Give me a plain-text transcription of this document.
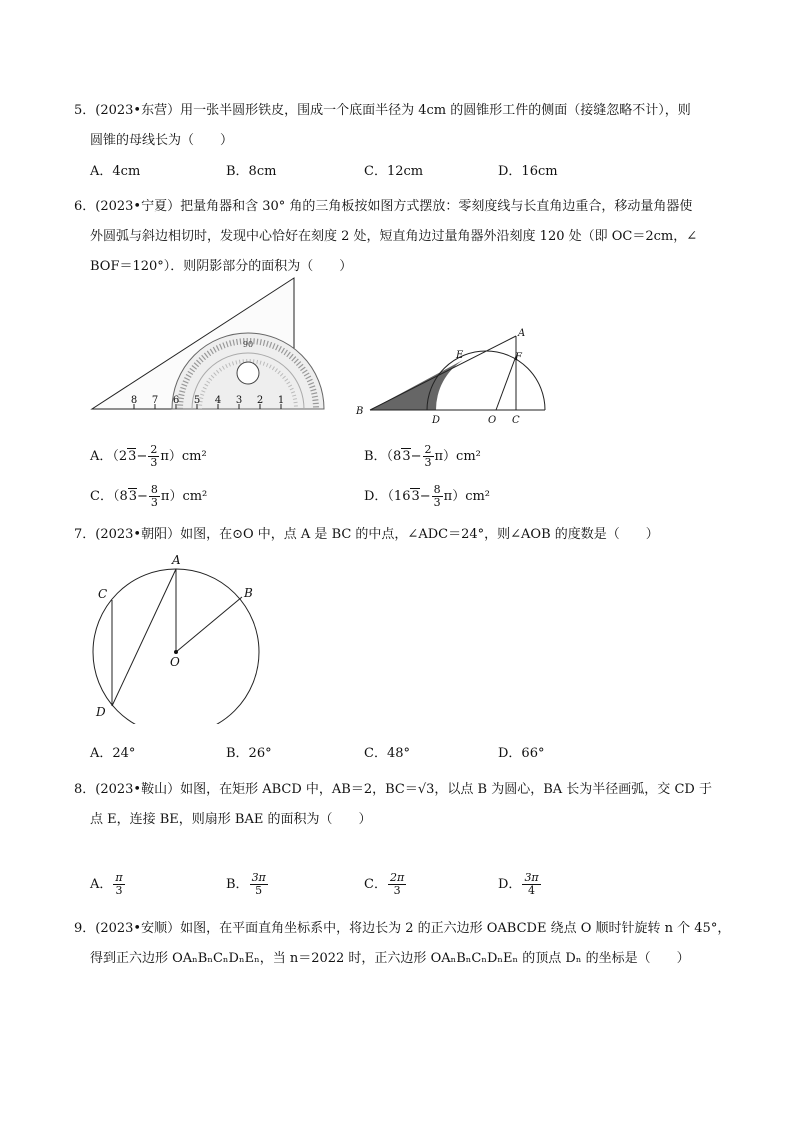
5．(2023•东营）用一张半圆形铁皮，围成一个底面半径为 4cm 的圆锥形工件的侧面（接缝忽略不计），则
圆锥的母线长为（　　）
A．4cm	B．8cm	C．12cm	D．16cm
6．(2023•宁夏）把量角器和含 30° 角的三角板按如图方式摆放：零刻度线与长直角边重合，移动量角器使
外圆弧与斜边相切时，发现中心恰好在刻度 2 处，短直角边过量角器外沿刻度 120 处（即 OC＝2cm，∠
BOF＝120°）．则阴影部分的面积为（　　）
90
8 7 6 5 4 3 2 1
B
D	O C
E	F
A
A．$(23- \frac{2}{3} \pi)cm^2$	B．$(83- \frac{2}{3} \pi)cm^2$
C．$(83- \frac{8}{3} \pi)cm^2$	D．$(163- \frac{8}{3} \pi)cm^2$
7．(2023•朝阳）如图，在⊙O 中，点 A 是 BC 的中点，∠ADC＝24°，则∠AOB 的度数是（　　）
A
B
C
D
O
A．24°	B．26°	C．48°	D．66°
8．(2023•鞍山）如图，在矩形 ABCD 中，AB＝2，BC＝√3，以点 B 为圆心，BA 长为半径画弧，交 CD 于
点 E，连接 BE，则扇形 BAE 的面积为（　　）
A． $\frac{\pi}{3}$	B． $\frac{3\pi}{5}$	C． $\frac{2\pi}{3}$	D． $\frac{3\pi}{4}$
9．(2023•安顺）如图，在平面直角坐标系中，将边长为 2 的正六边形 OABCDE 绕点 O 顺时针旋转 n 个 45°，
得到正六边形 OAₙBₙCₙDₙEₙ，当 n＝2022 时，正六边形 OAₙBₙCₙDₙEₙ 的顶点 Dₙ 的坐标是（　　）
